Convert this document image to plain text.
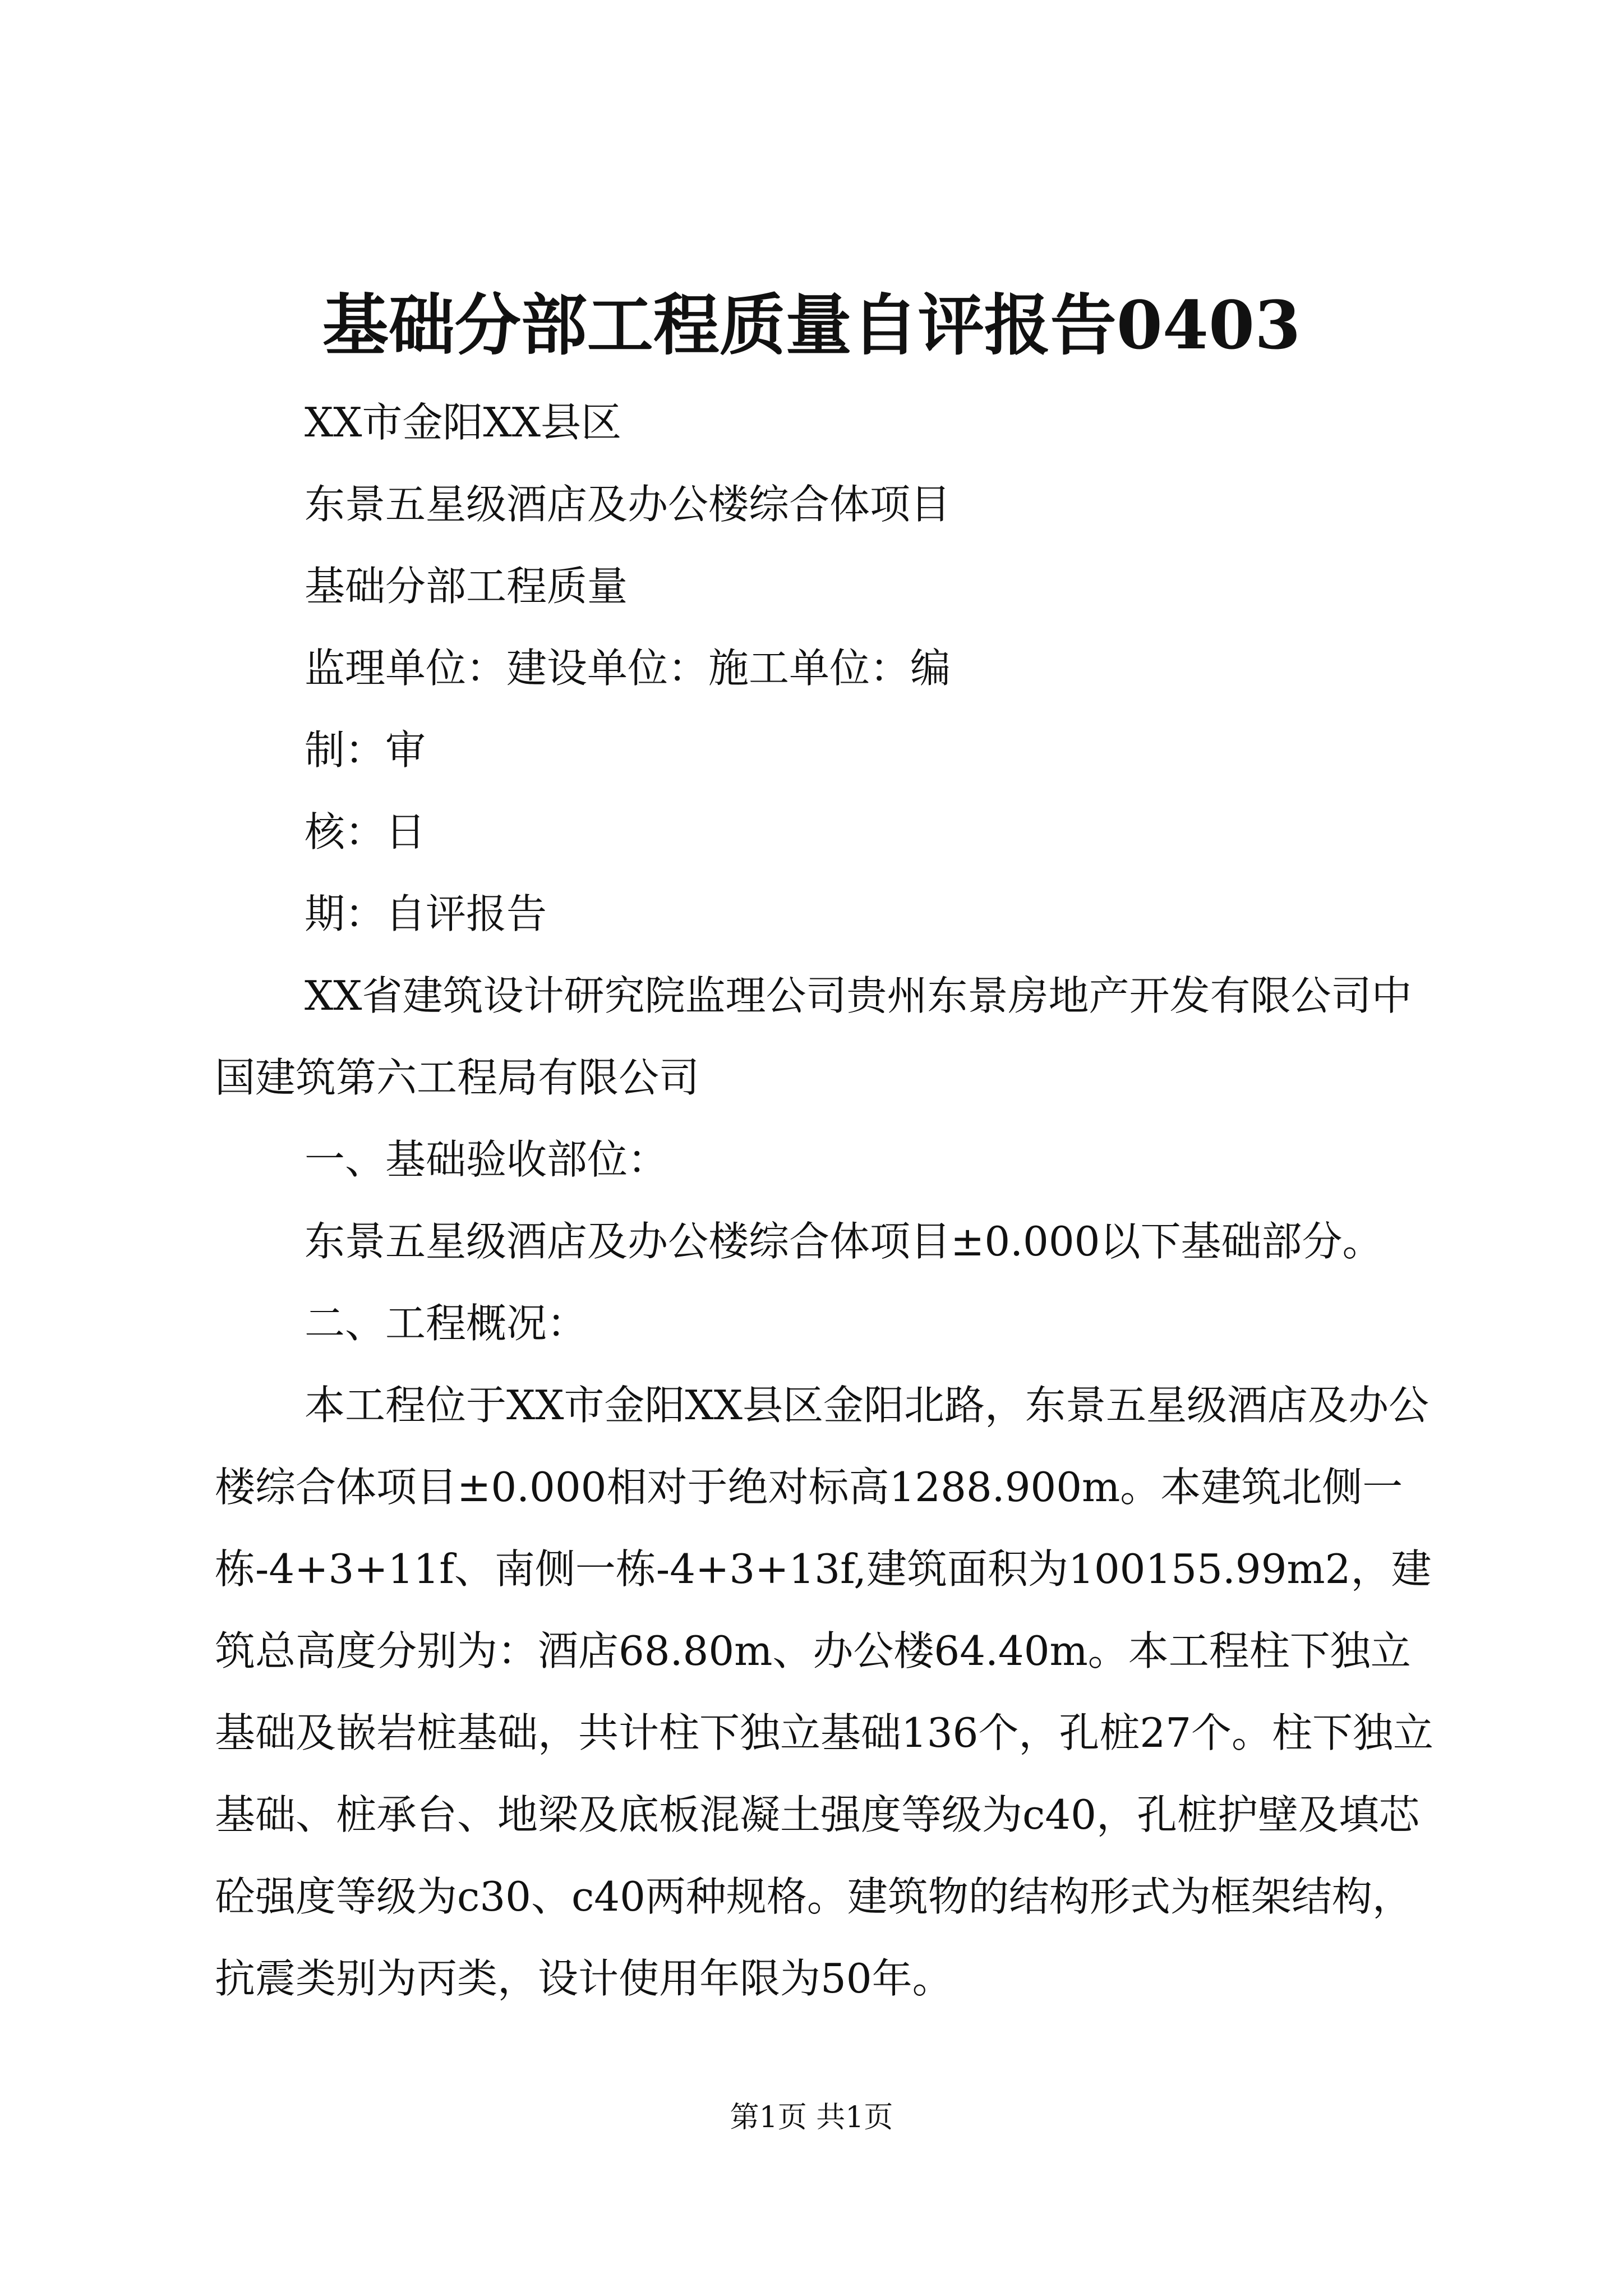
基础分部工程质量自评报告0403

XX市金阳XX县区

东景五星级酒店及办公楼综合体项目

基础分部工程质量

监理单位：建设单位：施工单位：编

制：审

核：日

期：自评报告

XX省建筑设计研究院监理公司贵州东景房地产开发有限公司中国建筑第六工程局有限公司

一、基础验收部位：

东景五星级酒店及办公楼综合体项目±0.000以下基础部分。

二、工程概况：

本工程位于XX市金阳XX县区金阳北路，东景五星级酒店及办公楼综合体项目±0.000相对于绝对标高1288.900m。本建筑北侧一栋-4+3+11f、南侧一栋-4+3+13f,建筑面积为100155.99m2，建筑总高度分别为：酒店68.80m、办公楼64.40m。本工程柱下独立基础及嵌岩桩基础，共计柱下独立基础136个，孔桩27个。柱下独立基础、桩承台、地梁及底板混凝土强度等级为c40，孔桩护壁及填芯砼强度等级为c30、c40两种规格。建筑物的结构形式为框架结构，抗震类别为丙类，设计使用年限为50年。

第1页 共1页
